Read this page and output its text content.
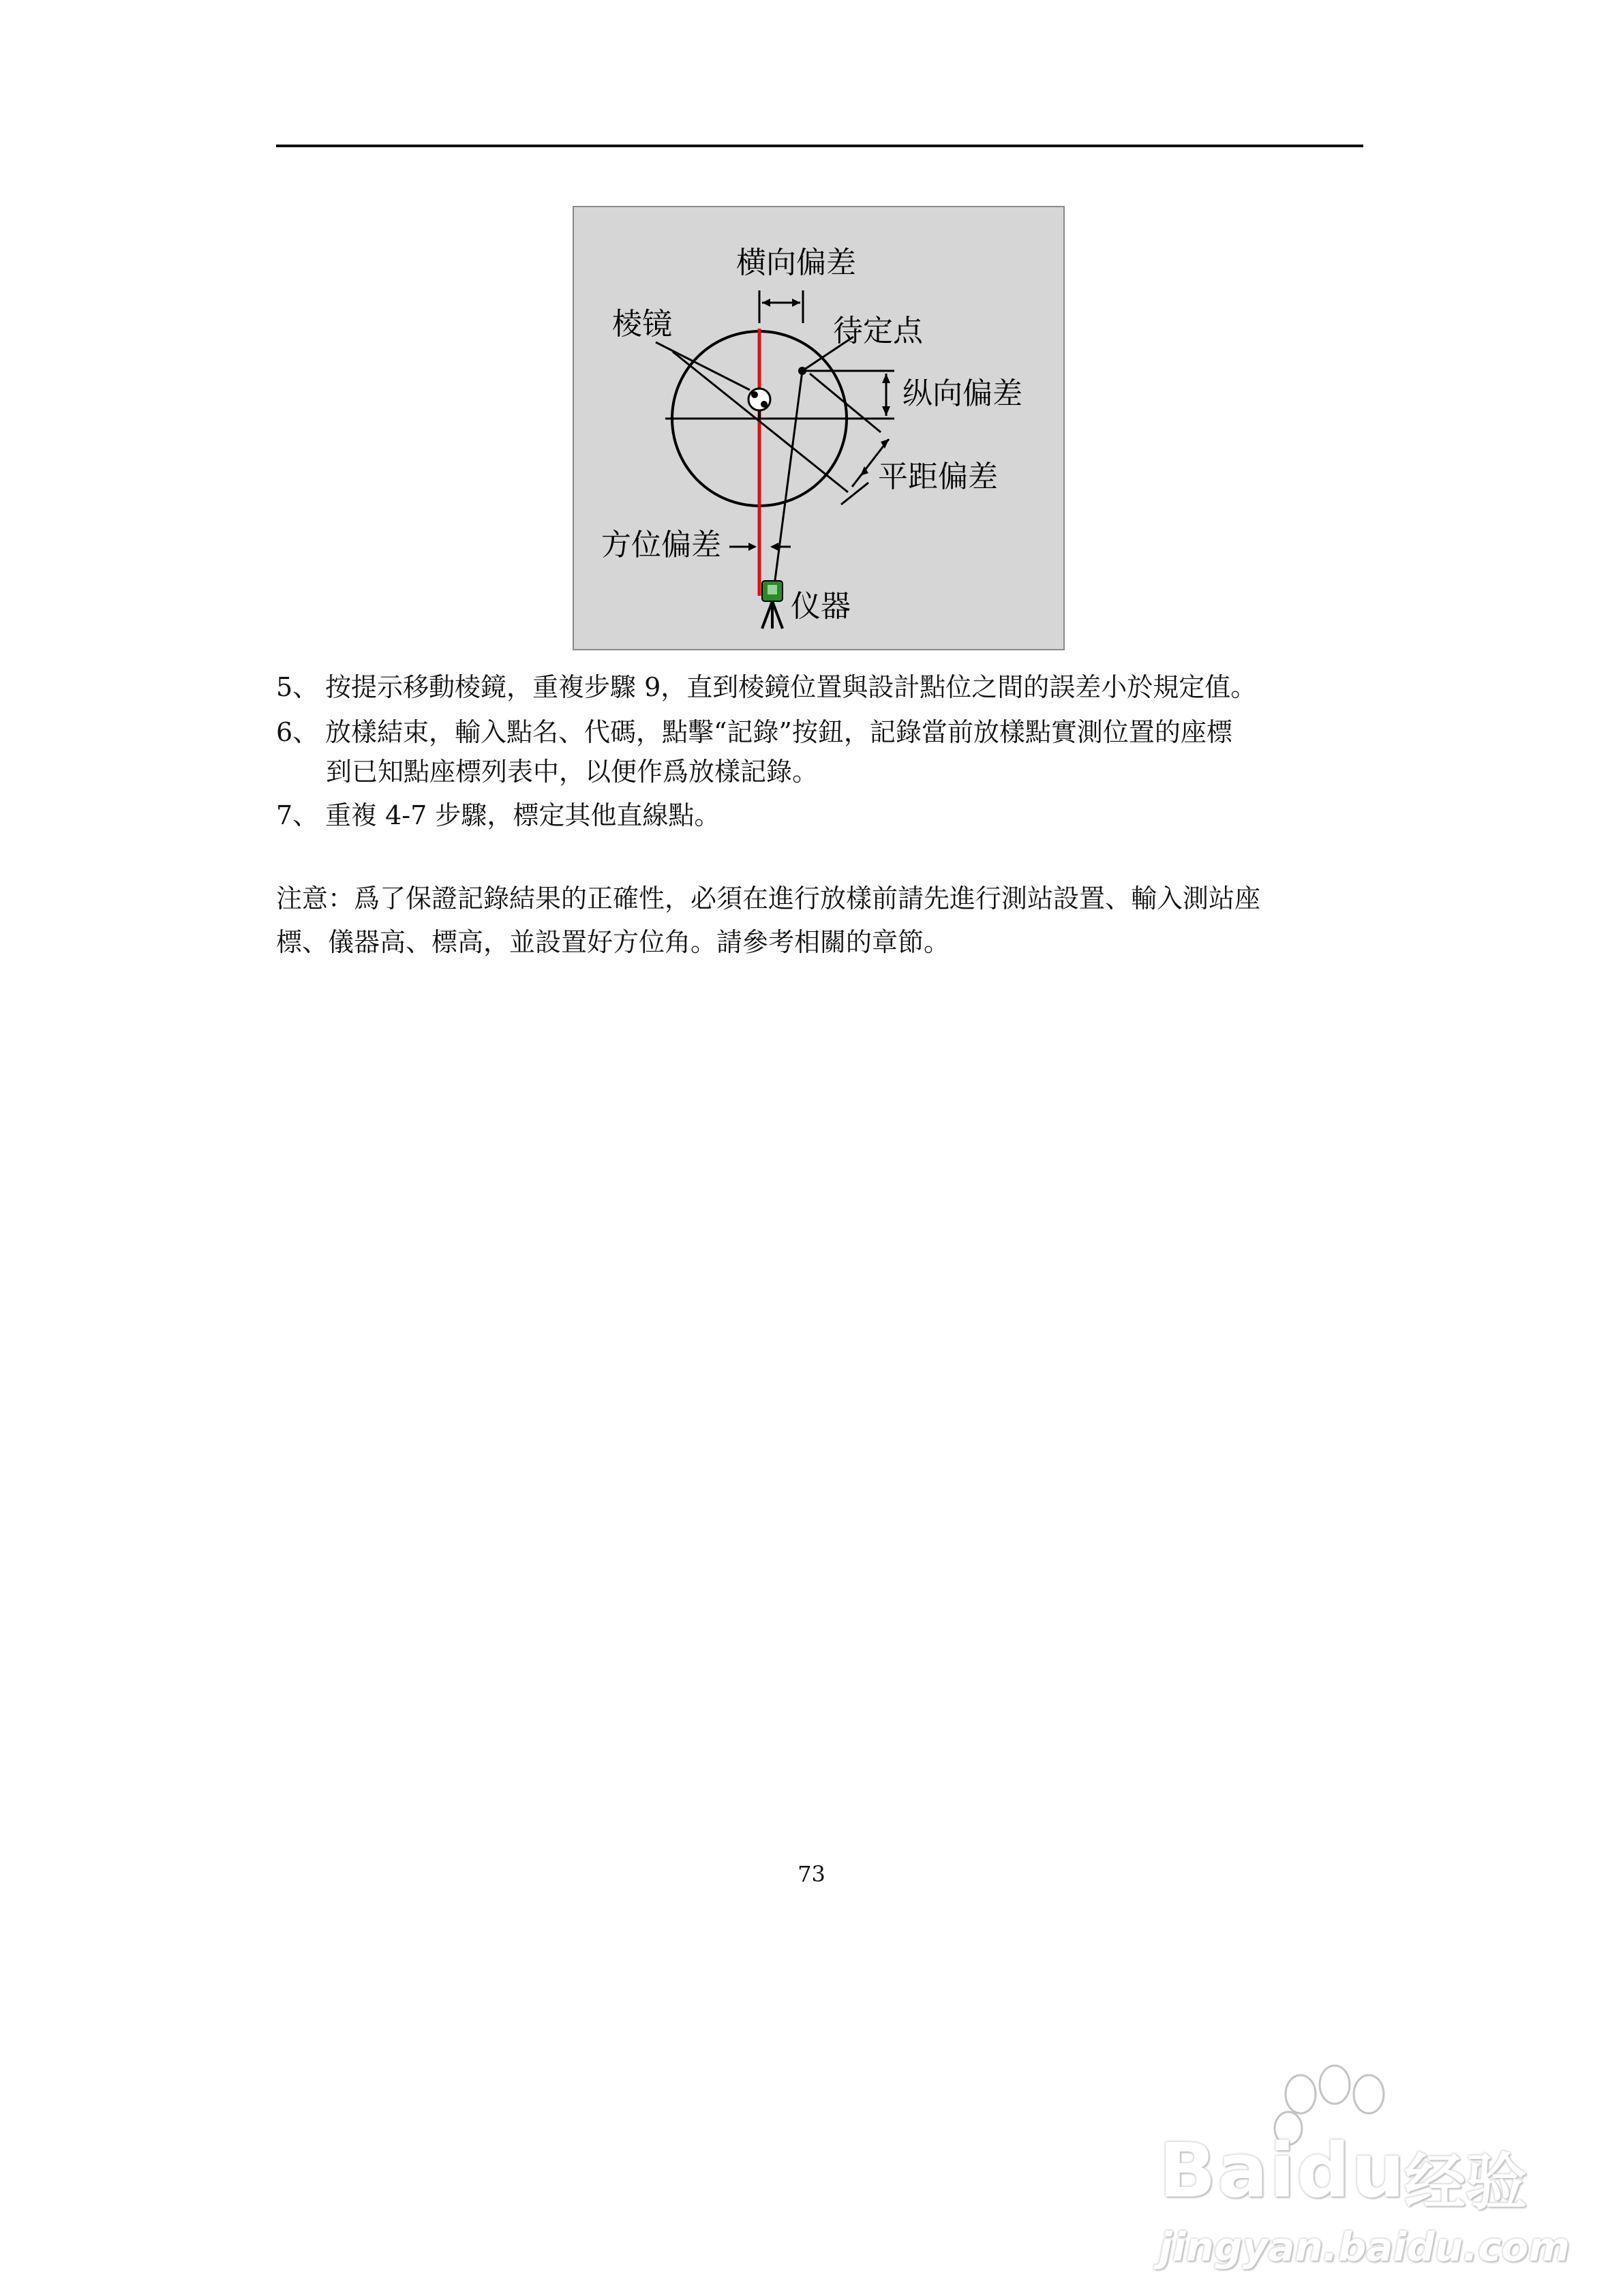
横向偏差
棱镜	待定点
纵向偏差
平距偏差
方位偏差
仪器
5、 按提示移動棱鏡，重複步驟 9，直到棱鏡位置與設計點位之間的誤差小於規定值。
6、 放樣結束，輸入點名、代碼，點擊“記錄”按鈕，記錄當前放樣點實測位置的座標
到已知點座標列表中，以便作爲放樣記錄。
7、 重複 4-7 步驟，標定其他直線點。
注意：爲了保證記錄結果的正確性，必須在進行放樣前請先進行測站設置、輸入測站座
標、儀器高、標高，並設置好方位角。請參考相關的章節。
73
Baidu
经验
jingyan.baidu.com
